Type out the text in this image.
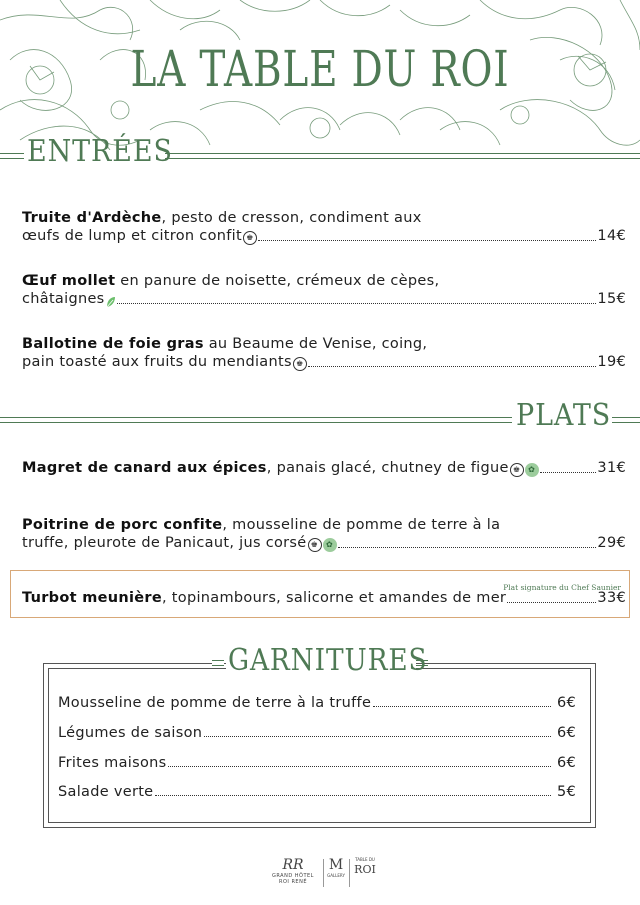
LA TABLE DU ROI
ENTRÉES
Truite d'Ardèche, pesto de cresson, condiment aux
œufs de lump et citron confit ♚	14€
Œuf mollet en panure de noisette, crémeux de cèpes,
châtaignes	15€
Ballotine de foie gras au Beaume de Venise, coing,
pain toasté aux fruits du mendiants ♚	19€
PLATS
Magret de canard aux épices , panais glacé, chutney de figue ♚ ✿	31€
Poitrine de porc confite, mousseline de pomme de terre à la
truffe, pleurote de Panicaut, jus corsé ♚ ✿	29€
Plat signature du Chef Saunier
Turbot meunière , topinambours, salicorne et amandes de mer	33€
GARNITURES
Mousseline de pomme de terre à la truffe	6€
Légumes de saison	6€
Frites maisons	6€
Salade verte	5€
RR
GRAND HÔTEL
ROI RENÉ
M
GALLERY
TABLE DU
ROI
